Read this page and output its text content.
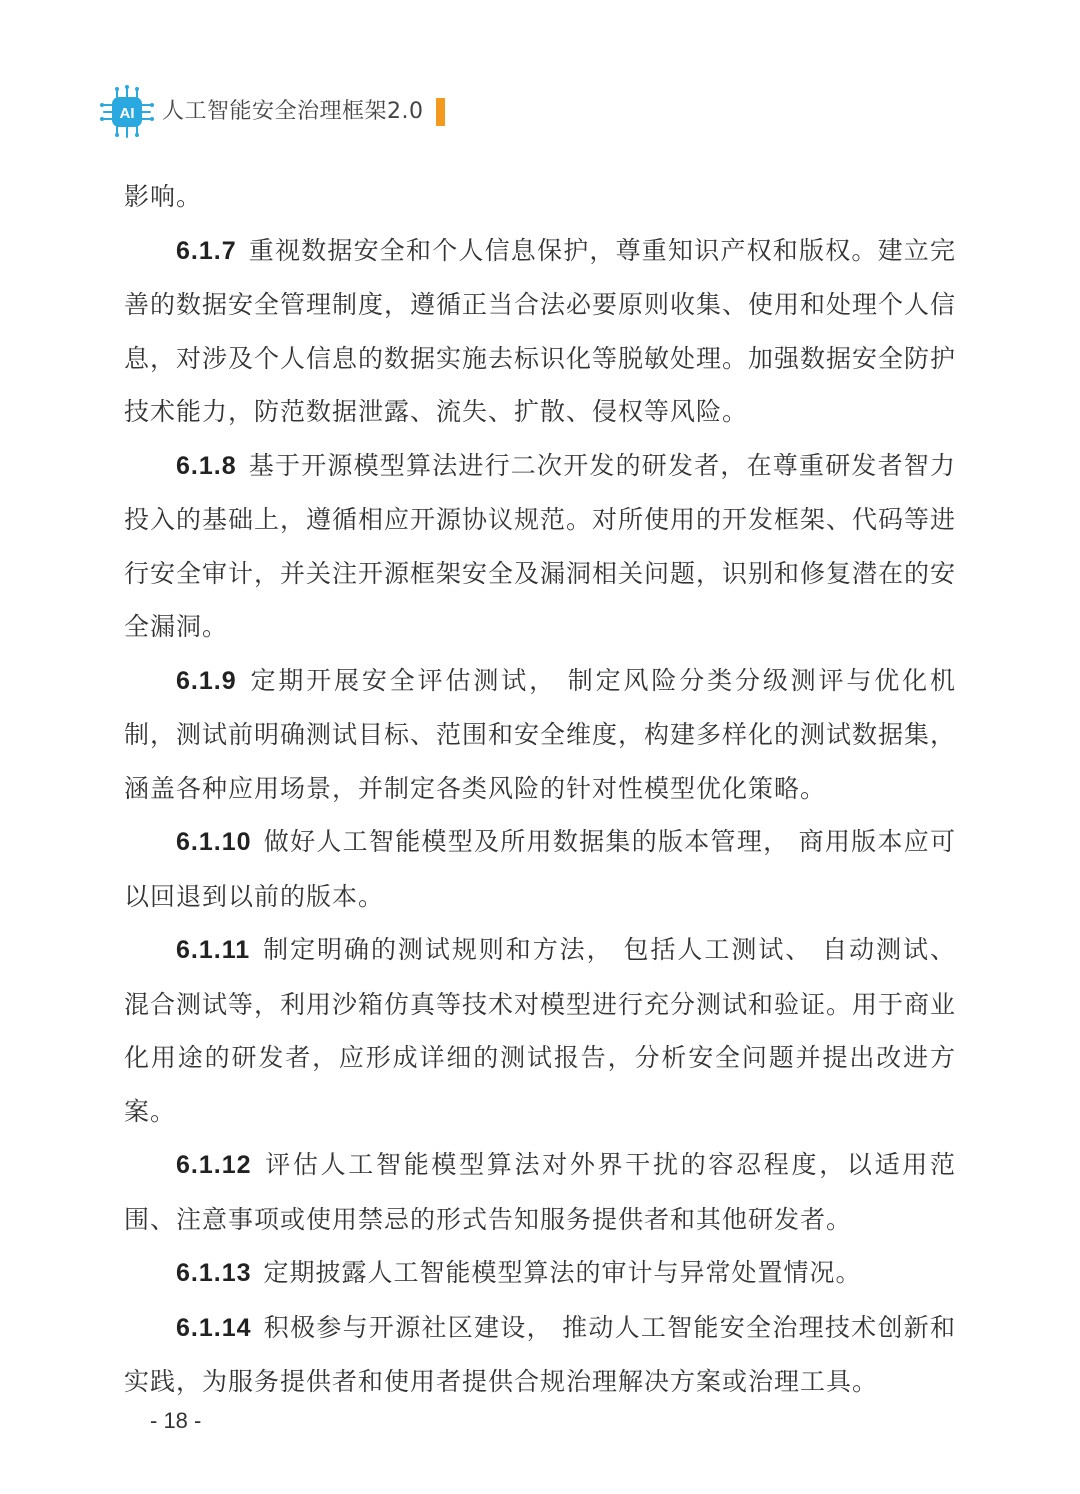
AI 人工智能安全治理框架2.0

影响。

6.1.7 重视数据安全和个人信息保护，尊重知识产权和版权。建立完善的数据安全管理制度，遵循正当合法必要原则收集、使用和处理个人信息，对涉及个人信息的数据实施去标识化等脱敏处理。加强数据安全防护技术能力，防范数据泄露、流失、扩散、侵权等风险。

6.1.8 基于开源模型算法进行二次开发的研发者，在尊重研发者智力投入的基础上，遵循相应开源协议规范。对所使用的开发框架、代码等进行安全审计，并关注开源框架安全及漏洞相关问题，识别和修复潜在的安全漏洞。

6.1.9 定期开展安全评估测试， 制定风险分类分级测评与优化机制，测试前明确测试目标、范围和安全维度，构建多样化的测试数据集，涵盖各种应用场景，并制定各类风险的针对性模型优化策略。

6.1.10 做好人工智能模型及所用数据集的版本管理， 商用版本应可以回退到以前的版本。

6.1.11 制定明确的测试规则和方法， 包括人工测试、 自动测试、 混合测试等，利用沙箱仿真等技术对模型进行充分测试和验证。用于商业化用途的研发者，应形成详细的测试报告，分析安全问题并提出改进方案。

6.1.12 评估人工智能模型算法对外界干扰的容忍程度，以适用范围、注意事项或使用禁忌的形式告知服务提供者和其他研发者。

6.1.13 定期披露人工智能模型算法的审计与异常处置情况。

6.1.14 积极参与开源社区建设， 推动人工智能安全治理技术创新和实践，为服务提供者和使用者提供合规治理解决方案或治理工具。

- 18 -
